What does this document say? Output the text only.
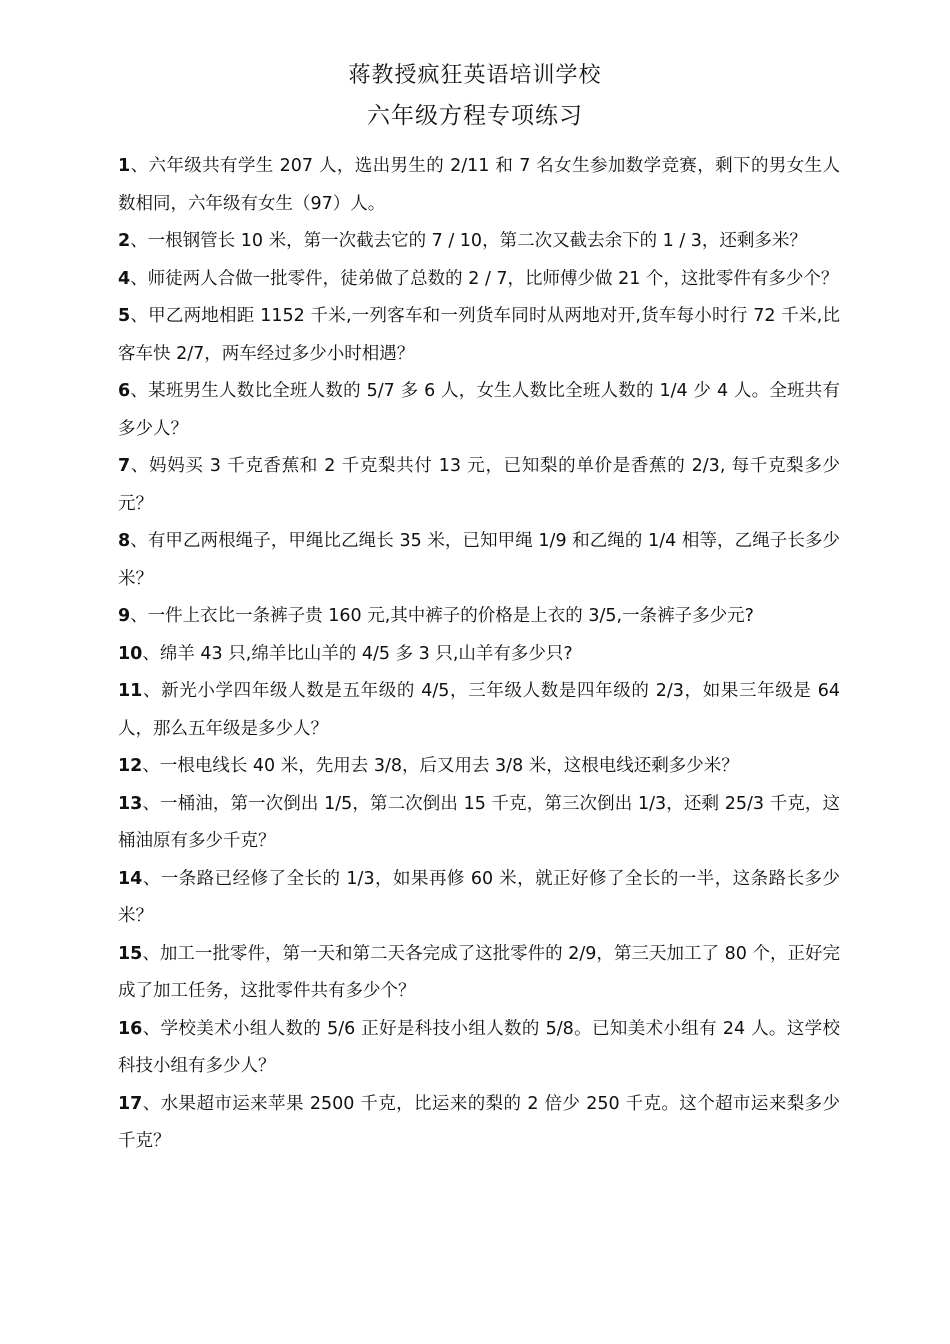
蒋教授疯狂英语培训学校
六年级方程专项练习
1、六年级共有学生 207 人，选出男生的 2/11 和 7 名女生参加数学竞赛，剩下的男女生人数相同，六年级有女生（97）人。
2、一根钢管长 10 米，第一次截去它的 7 / 10，第二次又截去余下的 1 / 3，还剩多米？
4、师徒两人合做一批零件，徒弟做了总数的 2 / 7，比师傅少做 21 个，这批零件有多少个？
5、甲乙两地相距 1152 千米,一列客车和一列货车同时从两地对开,货车每小时行 72 千米,比客车快 2/7，两车经过多少小时相遇？
6、某班男生人数比全班人数的 5/7 多 6 人，女生人数比全班人数的 1/4 少 4 人。全班共有多少人？
7、妈妈买 3 千克香蕉和 2 千克梨共付 13 元，已知梨的单价是香蕉的 2/3, 每千克梨多少元？
8、有甲乙两根绳子，甲绳比乙绳长 35 米，已知甲绳 1/9 和乙绳的 1/4 相等，乙绳子长多少米？
9、一件上衣比一条裤子贵 160 元,其中裤子的价格是上衣的 3/5,一条裤子多少元?
10、绵羊 43 只,绵羊比山羊的 4/5 多 3 只,山羊有多少只?
11、新光小学四年级人数是五年级的 4/5，三年级人数是四年级的 2/3，如果三年级是 64 人，那么五年级是多少人？
12、一根电线长 40 米，先用去 3/8，后又用去 3/8 米，这根电线还剩多少米？
13、一桶油，第一次倒出 1/5，第二次倒出 15 千克，第三次倒出 1/3，还剩 25/3 千克，这桶油原有多少千克？
14、一条路已经修了全长的 1/3，如果再修 60 米，就正好修了全长的一半，这条路长多少米？
15、加工一批零件，第一天和第二天各完成了这批零件的 2/9，第三天加工了 80 个，正好完成了加工任务，这批零件共有多少个？
16、学校美术小组人数的 5/6 正好是科技小组人数的 5/8。已知美术小组有 24 人。这学校科技小组有多少人？
17、水果超市运来苹果 2500 千克，比运来的梨的 2 倍少 250 千克。这个超市运来梨多少千克？
